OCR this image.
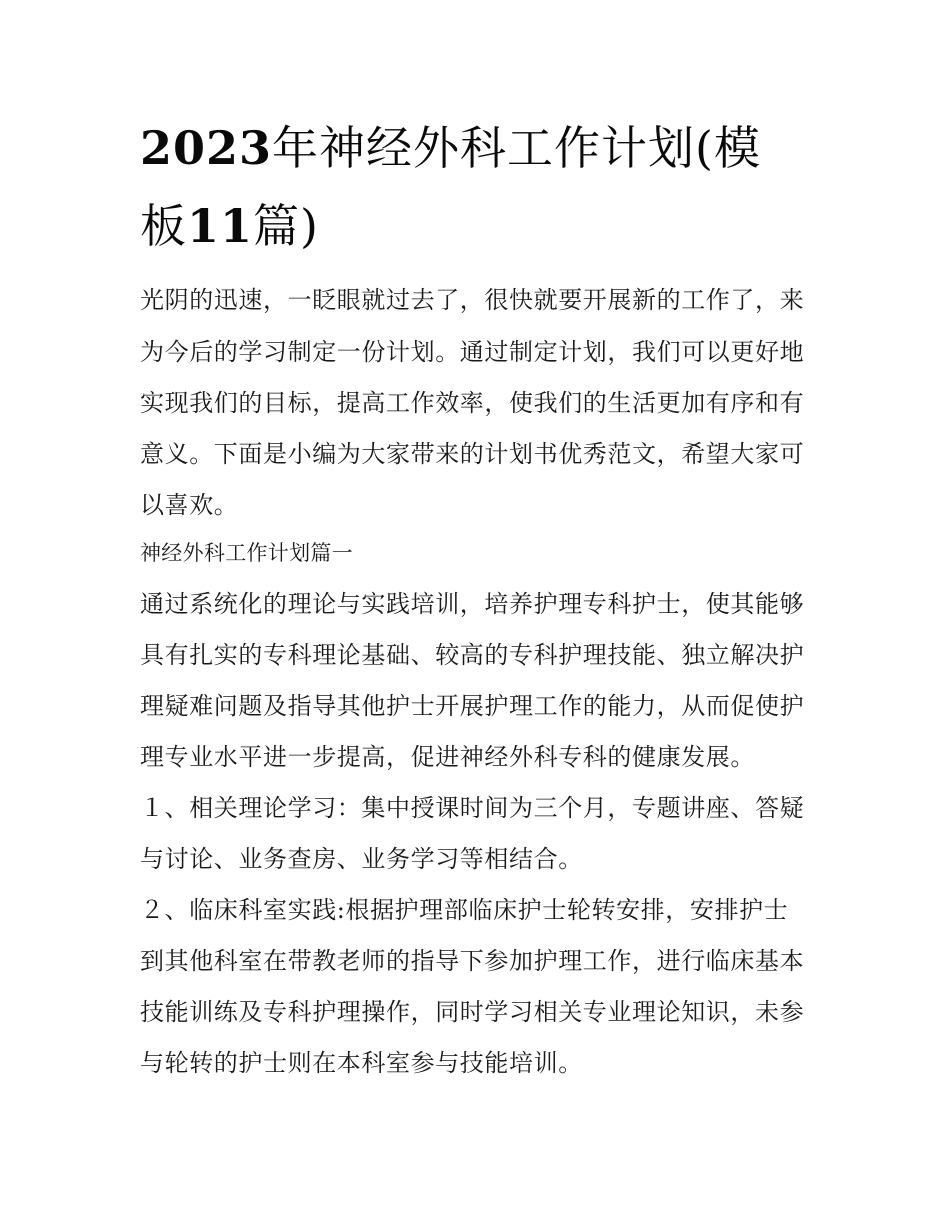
2023年神经外科工作计划(模
板11篇)
光阴的迅速，一眨眼就过去了，很快就要开展新的工作了，来
为今后的学习制定一份计划。通过制定计划，我们可以更好地
实现我们的目标，提高工作效率，使我们的生活更加有序和有
意义。下面是小编为大家带来的计划书优秀范文，希望大家可
以喜欢。
神经外科工作计划篇一
通过系统化的理论与实践培训，培养护理专科护士，使其能够
具有扎实的专科理论基础、较高的专科护理技能、独立解决护
理疑难问题及指导其他护士开展护理工作的能力，从而促使护
理专业水平进一步提高，促进神经外科专科的健康发展。
１、相关理论学习：集中授课时间为三个月，专题讲座、答疑
与讨论、业务查房、业务学习等相结合。
２、临床科室实践:根据护理部临床护士轮转安排，安排护士
到其他科室在带教老师的指导下参加护理工作，进行临床基本
技能训练及专科护理操作，同时学习相关专业理论知识，未参
与轮转的护士则在本科室参与技能培训。
